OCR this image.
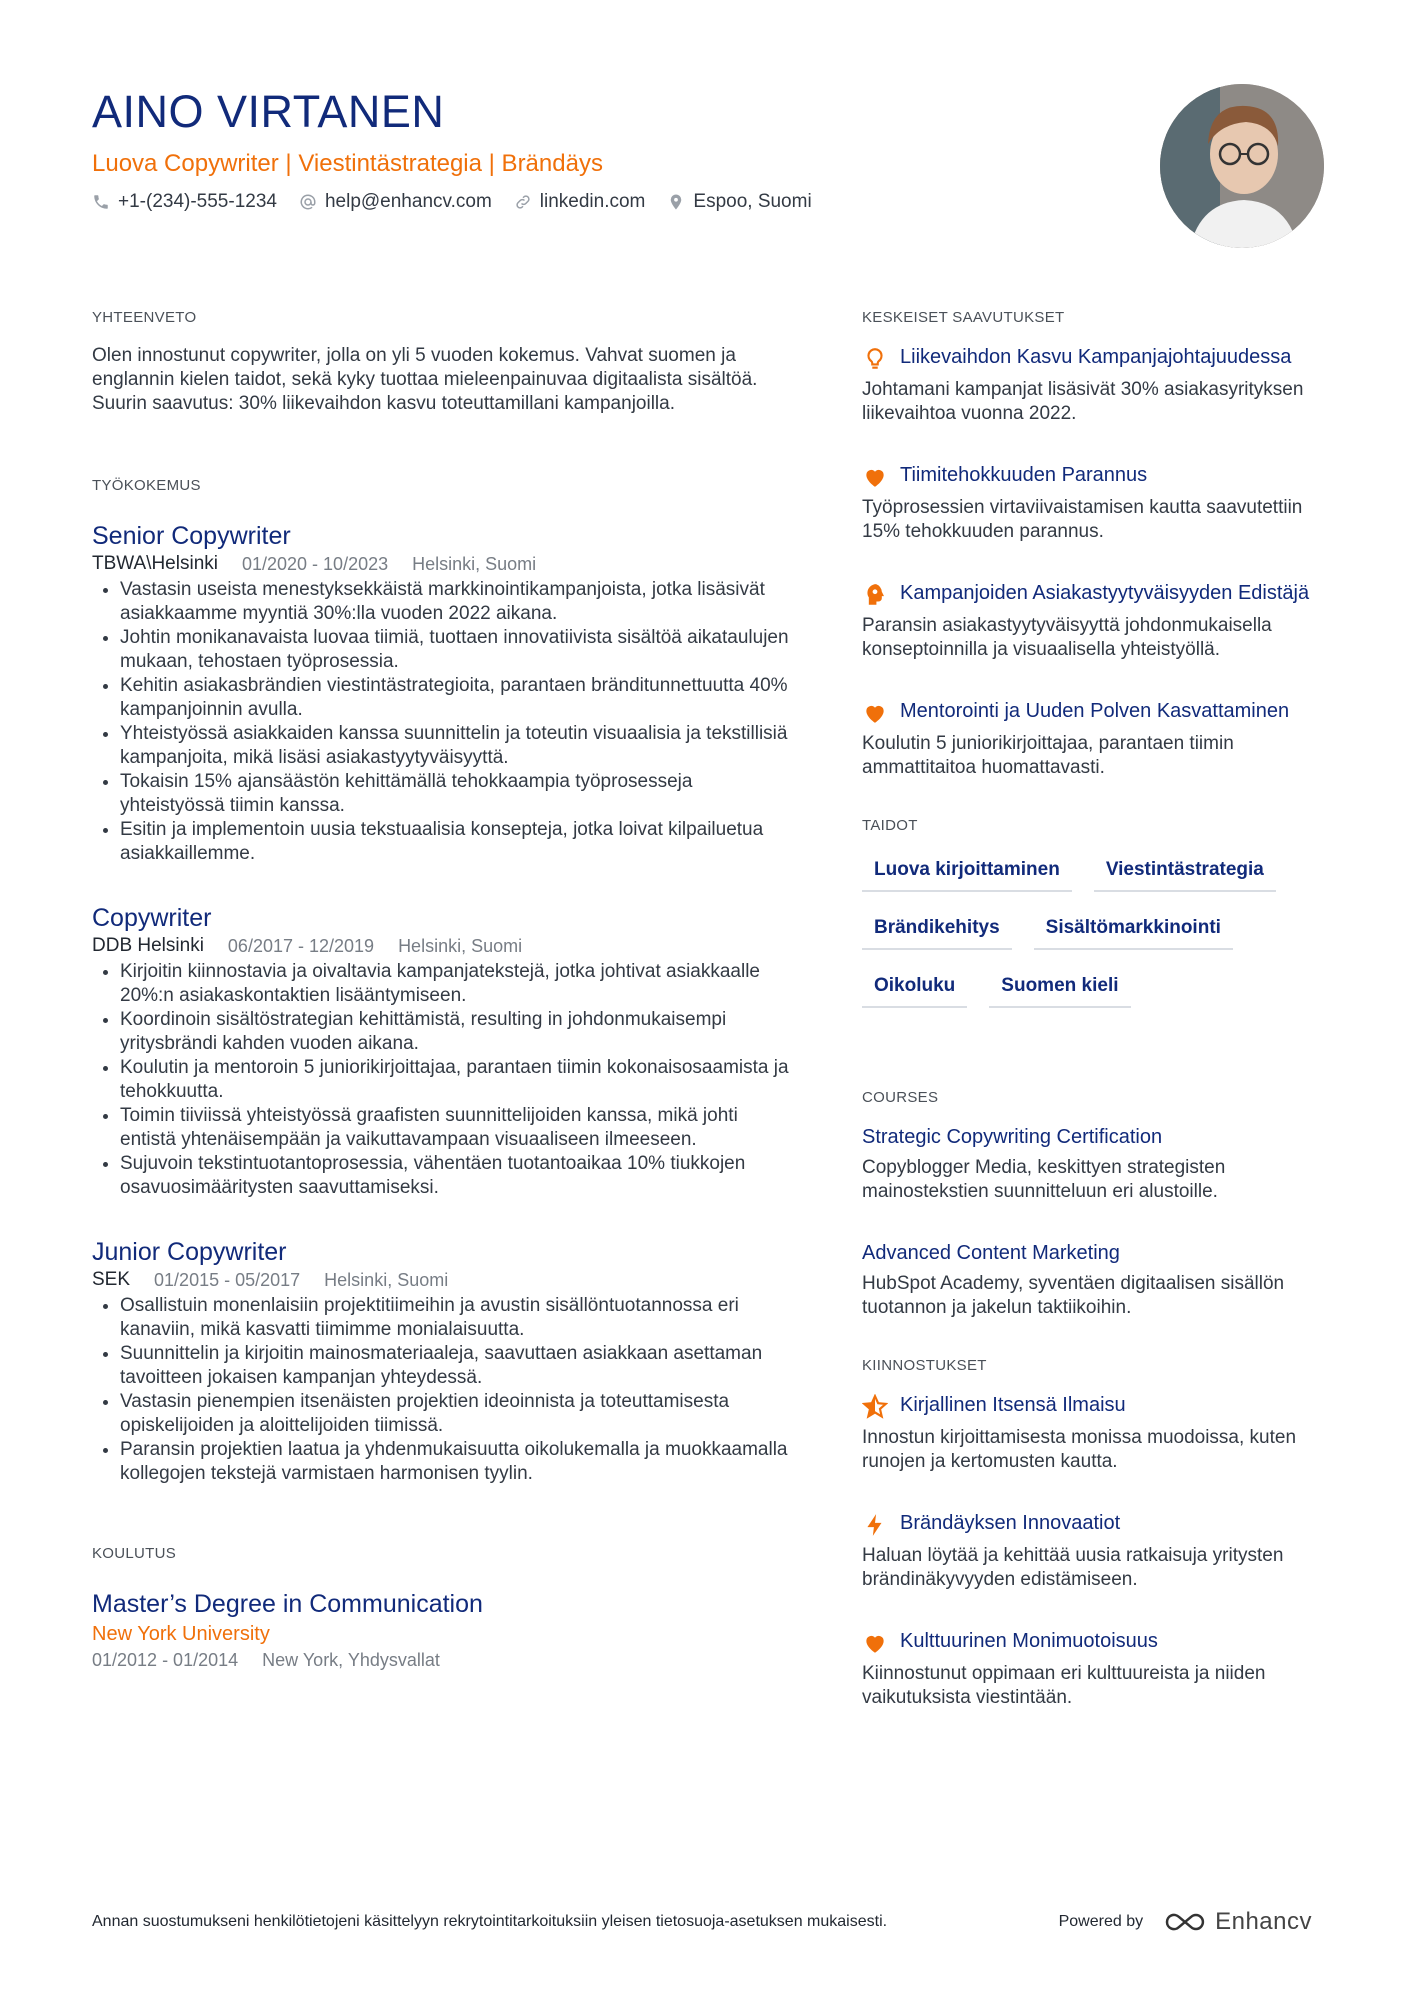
AINO VIRTANEN
Luova Copywriter | Viestintästrategia | Brändäys
+1-(234)-555-1234	help@enhancv.com	linkedin.com	Espoo, Suomi
YHTEENVETO

Olen innostunut copywriter, jolla on yli 5 vuoden kokemus. Vahvat suomen ja englannin kielen taidot, sekä kyky tuottaa mieleenpainuvaa digitaalista sisältöä. Suurin saavutus: 30% liikevaihdon kasvu toteuttamillani kampanjoilla.

TYÖKOKEMUS
Senior Copywriter
TBWA\Helsinki 01/2020 - 10/2023 Helsinki, Suomi
• Vastasin useista menestyksekkäistä markkinointikampanjoista, jotka lisäsivät asiakkaamme myyntiä 30%:lla vuoden 2022 aikana.
• Johtin monikanavaista luovaa tiimiä, tuottaen innovatiivista sisältöä aikataulujen mukaan, tehostaen työprosessia.
• Kehitin asiakasbrändien viestintästrategioita, parantaen bränditunnettuutta 40% kampanjoinnin avulla.
• Yhteistyössä asiakkaiden kanssa suunnittelin ja toteutin visuaalisia ja tekstillisiä kampanjoita, mikä lisäsi asiakastyytyväisyyttä.
• Tokaisin 15% ajansäästön kehittämällä tehokkaampia työprosesseja yhteistyössä tiimin kanssa.
• Esitin ja implementoin uusia tekstuaalisia konsepteja, jotka loivat kilpailuetua asiakkaillemme.
Copywriter
DDB Helsinki 06/2017 - 12/2019 Helsinki, Suomi
• Kirjoitin kiinnostavia ja oivaltavia kampanjatekstejä, jotka johtivat asiakkaalle 20%:n asiakaskontaktien lisääntymiseen.
• Koordinoin sisältöstrategian kehittämistä, resulting in johdonmukaisempi yritysbrändi kahden vuoden aikana.
• Koulutin ja mentoroin 5 juniorikirjoittajaa, parantaen tiimin kokonaisosaamista ja tehokkuutta.
• Toimin tiiviissä yhteistyössä graafisten suunnittelijoiden kanssa, mikä johti entistä yhtenäisempään ja vaikuttavampaan visuaaliseen ilmeeseen.
• Sujuvoin tekstintuotantoprosessia, vähentäen tuotantoaikaa 10% tiukkojen osavuosimääritysten saavuttamiseksi.
Junior Copywriter
SEK 01/2015 - 05/2017 Helsinki, Suomi
• Osallistuin monenlaisiin projektitiimeihin ja avustin sisällöntuotannossa eri kanaviin, mikä kasvatti tiimimme monialaisuutta.
• Suunnittelin ja kirjoitin mainosmateriaaleja, saavuttaen asiakkaan asettaman tavoitteen jokaisen kampanjan yhteydessä.
• Vastasin pienempien itsenäisten projektien ideoinnista ja toteuttamisesta opiskelijoiden ja aloittelijoiden tiimissä.
• Paransin projektien laatua ja yhdenmukaisuutta oikolukemalla ja muokkaamalla kollegojen tekstejä varmistaen harmonisen tyylin.
KOULUTUS
Master’s Degree in Communication
New York University
01/2012 - 01/2014 New York, Yhdysvallat
KESKEISET SAAVUTUKSET
Liikevaihdon Kasvu Kampanjajohtajuudessa
Johtamani kampanjat lisäsivät 30% asiakasyrityksen liikevaihtoa vuonna 2022.
Tiimitehokkuuden Parannus
Työprosessien virtaviivaistamisen kautta saavutettiin 15% tehokkuuden parannus.
Kampanjoiden Asiakastyytyväisyyden Edistäjä
Paransin asiakastyytyväisyyttä johdonmukaisella konseptoinnilla ja visuaalisella yhteistyöllä.
Mentorointi ja Uuden Polven Kasvattaminen
Koulutin 5 juniorikirjoittajaa, parantaen tiimin ammattitaitoa huomattavasti.
TAIDOT
Luova kirjoittaminen	Viestintästrategia
Brändikehitys	Sisältömarkkinointi
Oikoluku	Suomen kieli
COURSES
Strategic Copywriting Certification
Copyblogger Media, keskittyen strategisten mainostekstien suunnitteluun eri alustoille.
Advanced Content Marketing
HubSpot Academy, syventäen digitaalisen sisällön tuotannon ja jakelun taktiikoihin.
KIINNOSTUKSET
Kirjallinen Itsensä Ilmaisu
Innostun kirjoittamisesta monissa muodoissa, kuten runojen ja kertomusten kautta.
Brändäyksen Innovaatiot
Haluan löytää ja kehittää uusia ratkaisuja yritysten brändinäkyvyyden edistämiseen.
Kulttuurinen Monimuotoisuus
Kiinnostunut oppimaan eri kulttuureista ja niiden vaikutuksista viestintään.
Annan suostumukseni henkilötietojeni käsittelyyn rekrytointitarkoituksiin yleisen tietosuoja-asetuksen mukaisesti.	Powered by	Enhancv
